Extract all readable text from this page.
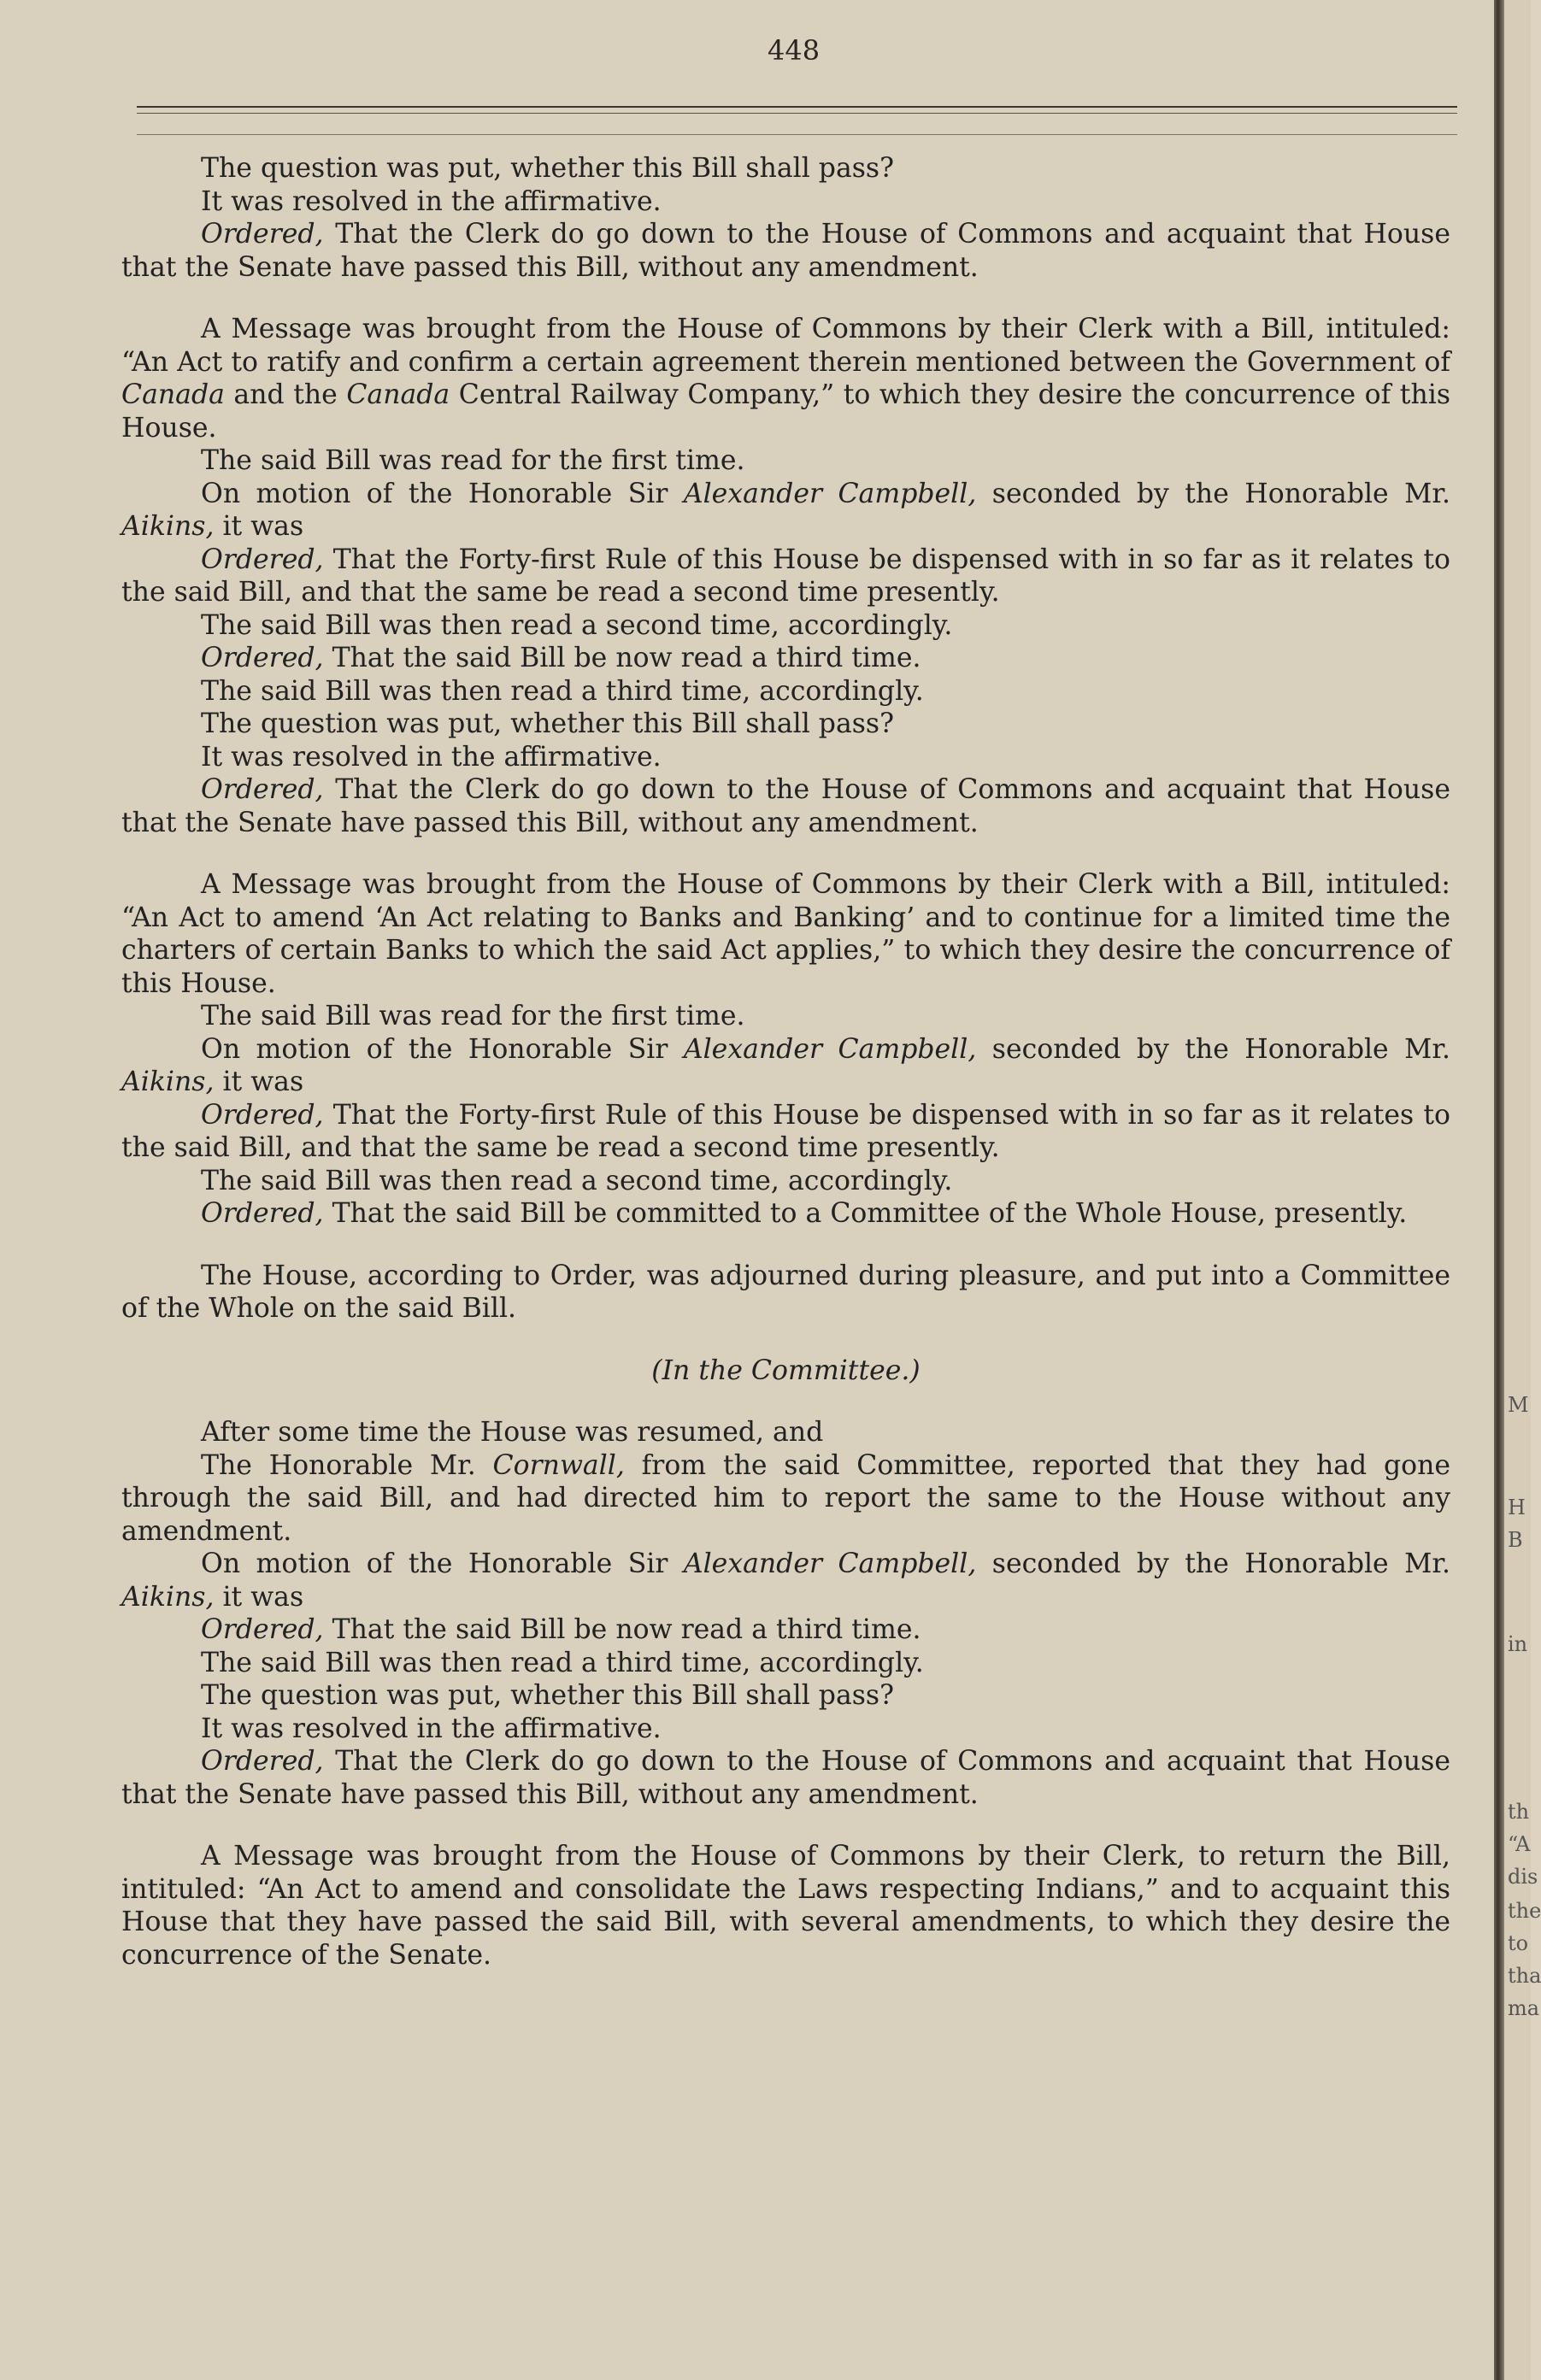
448

The question was put, whether this Bill shall pass?

It was resolved in the affirmative.

Ordered, That the Clerk do go down to the House of Commons and acquaint that House that the Senate have passed this Bill, without any amendment.

A Message was brought from the House of Commons by their Clerk with a Bill, intituled: “An Act to ratify and confirm a certain agreement therein mentioned between the Government of Canada and the Canada Central Railway Company,” to which they desire the concurrence of this House.

The said Bill was read for the first time.

On motion of the Honorable Sir Alexander Campbell, seconded by the Honorable Mr. Aikins, it was

Ordered, That the Forty-first Rule of this House be dispensed with in so far as it relates to the said Bill, and that the same be read a second time presently.

The said Bill was then read a second time, accordingly.

Ordered, That the said Bill be now read a third time.

The said Bill was then read a third time, accordingly.

The question was put, whether this Bill shall pass?

It was resolved in the affirmative.

Ordered, That the Clerk do go down to the House of Commons and acquaint that House that the Senate have passed this Bill, without any amendment.

A Message was brought from the House of Commons by their Clerk with a Bill, intituled: “An Act to amend ‘An Act relating to Banks and Banking’ and to continue for a limited time the charters of certain Banks to which the said Act applies,” to which they desire the concurrence of this House.

The said Bill was read for the first time.

On motion of the Honorable Sir Alexander Campbell, seconded by the Honorable Mr. Aikins, it was

Ordered, That the Forty-first Rule of this House be dispensed with in so far as it relates to the said Bill, and that the same be read a second time presently.

The said Bill was then read a second time, accordingly.

Ordered, That the said Bill be committed to a Committee of the Whole House, presently.

The House, according to Order, was adjourned during pleasure, and put into a Committee of the Whole on the said Bill.

(In the Committee.)

After some time the House was resumed, and

The Honorable Mr. Cornwall, from the said Committee, reported that they had gone through the said Bill, and had directed him to report the same to the House without any amendment.

On motion of the Honorable Sir Alexander Campbell, seconded by the Honorable Mr. Aikins, it was

Ordered, That the said Bill be now read a third time.

The said Bill was then read a third time, accordingly.

The question was put, whether this Bill shall pass?

It was resolved in the affirmative.

Ordered, That the Clerk do go down to the House of Commons and acquaint that House that the Senate have passed this Bill, without any amendment.

A Message was brought from the House of Commons by their Clerk, to return the Bill, intituled: “An Act to amend and consolidate the Laws respecting Indians,” and to acquaint this House that they have passed the said Bill, with several amendments, to which they desire the concurrence of the Senate.

M
H
B
in
th
“A
dis
the
to
tha
ma
